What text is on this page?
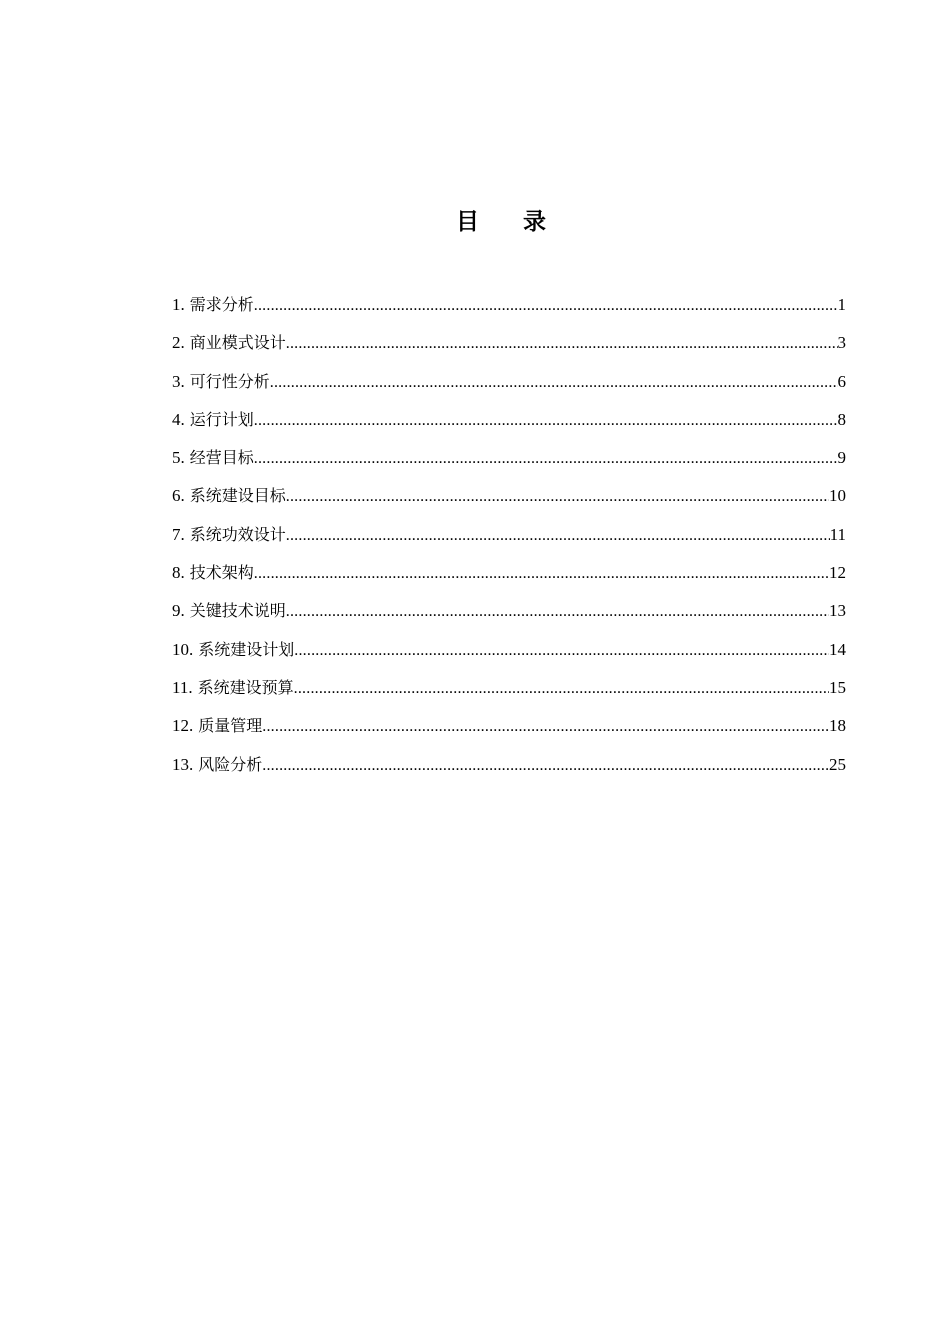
目 录
1. 需求分析 .....	1
2. 商业模式设计 .....	3
3. 可行性分析 .....	6
4. 运行计划 .....	8
5. 经营目标 .....	9
6. 系统建设目标 .....	10
7. 系统功效设计 .....	11
8. 技术架构 .....	12
9. 关键技术说明 .....	13
10. 系统建设计划 .....	14
11. 系统建设预算 .....	15
12. 质量管理 .....	18
13. 风险分析 .....	25
